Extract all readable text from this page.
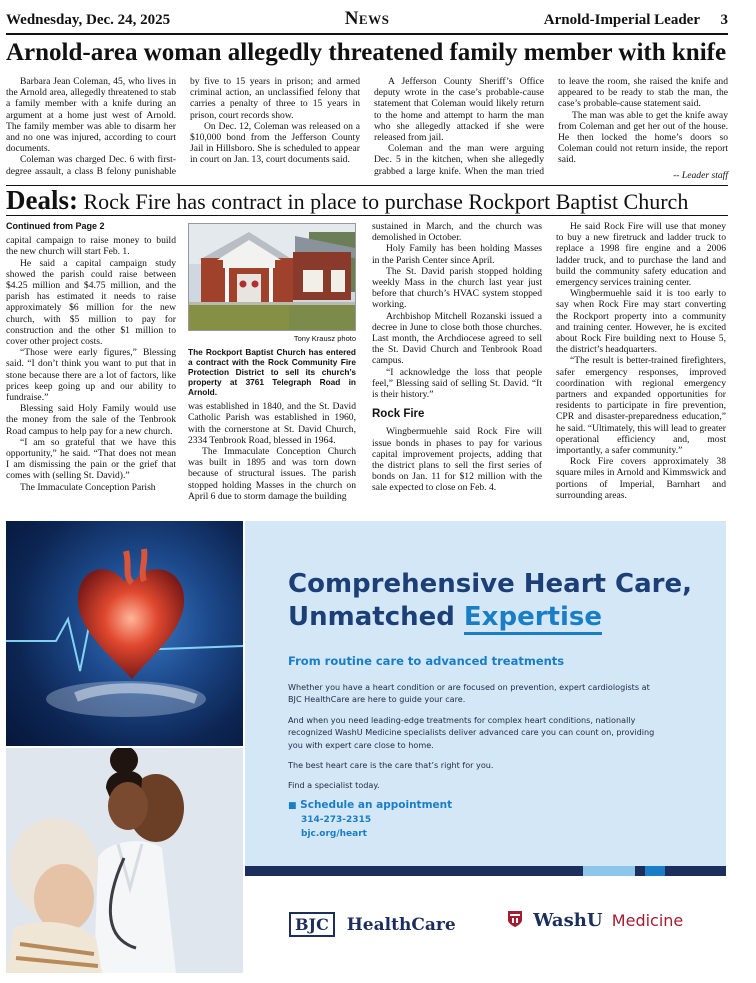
Wednesday, Dec. 24, 2025	News	Arnold-Imperial Leader 3
Arnold-area woman allegedly threatened family member with knife

Barbara Jean Coleman, 45, who lives in the Arnold area, allegedly threatened to stab a family member with a knife during an argument at a home just west of Arnold. The family member was able to disarm her and no one was injured, according to court documents.

Coleman was charged Dec. 6 with first-degree assault, a class B felony punishable by five to 15 years in prison; and armed criminal action, an unclassified felony that carries a penalty of three to 15 years in prison, court records show.

On Dec. 12, Coleman was released on a $10,000 bond from the Jefferson County Jail in Hillsboro. She is scheduled to appear in court on Jan. 13, court documents said.

A Jefferson County Sheriff’s Office deputy wrote in the case’s probable-cause statement that Coleman would likely return to the home and attempt to harm the man who she allegedly attacked if she were released from jail.

Coleman and the man were arguing Dec. 5 in the kitchen, when she allegedly grabbed a large knife. When the man tried to leave the room, she raised the knife and appeared to be ready to stab the man, the case’s probable-cause statement said.

The man was able to get the knife away from Coleman and get her out of the house. He then locked the home’s doors so Coleman could not return inside, the report said.

-- Leader staff

Deals: Rock Fire has contract in place to purchase Rockport Baptist Church

Continued from Page 2

capital campaign to raise money to build the new church will start Feb. 1.

He said a capital campaign study showed the parish could raise between $4.25 million and $4.75 million, and the parish has estimated it needs to raise approximately $6 million for the new church, with $5 million to pay for construction and the other $1 million to cover other project costs.

“Those were early figures,” Blessing said. “I don’t think you want to put that in stone because there are a lot of factors, like prices keep going up and our ability to fundraise.”

Blessing said Holy Family would use the money from the sale of the Tenbrook Road campus to help pay for a new church.

“I am so grateful that we have this opportunity,” he said. “That does not mean I am dismissing the pain or the grief that comes with (selling St. David).”

The Immaculate Conception Parish

Tony Krausz photo
The Rockport Baptist Church has entered a contract with the Rock Community Fire Protection District to sell its church’s property at 3761 Telegraph Road in Arnold.

was established in 1840, and the St. David Catholic Parish was established in 1960, with the cornerstone at St. David Church, 2334 Tenbrook Road, blessed in 1964.

The Immaculate Conception Church was built in 1895 and was torn down because of structural issues. The parish stopped holding Masses in the church on April 6 due to storm damage the building

sustained in March, and the church was demolished in October.

Holy Family has been holding Masses in the Parish Center since April.

The St. David parish stopped holding weekly Mass in the church last year just before that church’s HVAC system stopped working.

Archbishop Mitchell Rozanski issued a decree in June to close both those churches. Last month, the Archdiocese agreed to sell the St. David Church and Tenbrook Road campus.

“I acknowledge the loss that people feel,” Blessing said of selling St. David. “It is their history.”

Rock Fire

Wingbermuehle said Rock Fire will issue bonds in phases to pay for various capital improvement projects, adding that the district plans to sell the first series of bonds on Jan. 11 for $12 million with the sale expected to close on Feb. 4.

He said Rock Fire will use that money to buy a new firetruck and ladder truck to replace a 1998 fire engine and a 2006 ladder truck, and to purchase the land and build the community safety education and emergency services training center.

Wingbermuehle said it is too early to say when Rock Fire may start converting the Rockport property into a community and training center. However, he is excited about Rock Fire building next to House 5, the district’s headquarters.

“The result is better-trained firefighters, safer emergency responses, improved coordination with regional emergency partners and expanded opportunities for residents to participate in fire prevention, CPR and disaster-preparedness education,” he said. “Ultimately, this will lead to greater operational efficiency and, most importantly, a safer community.”

Rock Fire covers approximately 38 square miles in Arnold and Kimmswick and portions of Imperial, Barnhart and surrounding areas.

Comprehensive Heart Care,
Unmatched Expertise
From routine care to advanced treatments

Whether you have a heart condition or are focused on prevention, expert cardiologists at BJC HealthCare are here to guide your care.

And when you need leading-edge treatments for complex heart conditions, nationally recognized WashU Medicine specialists deliver advanced care you can count on, providing you with expert care close to home.

The best heart care is the care that’s right for you.

Find a specialist today.

■ Schedule an appointment
314-273-2315
bjc.org/heart
BJC HealthCare	WashU Medicine
